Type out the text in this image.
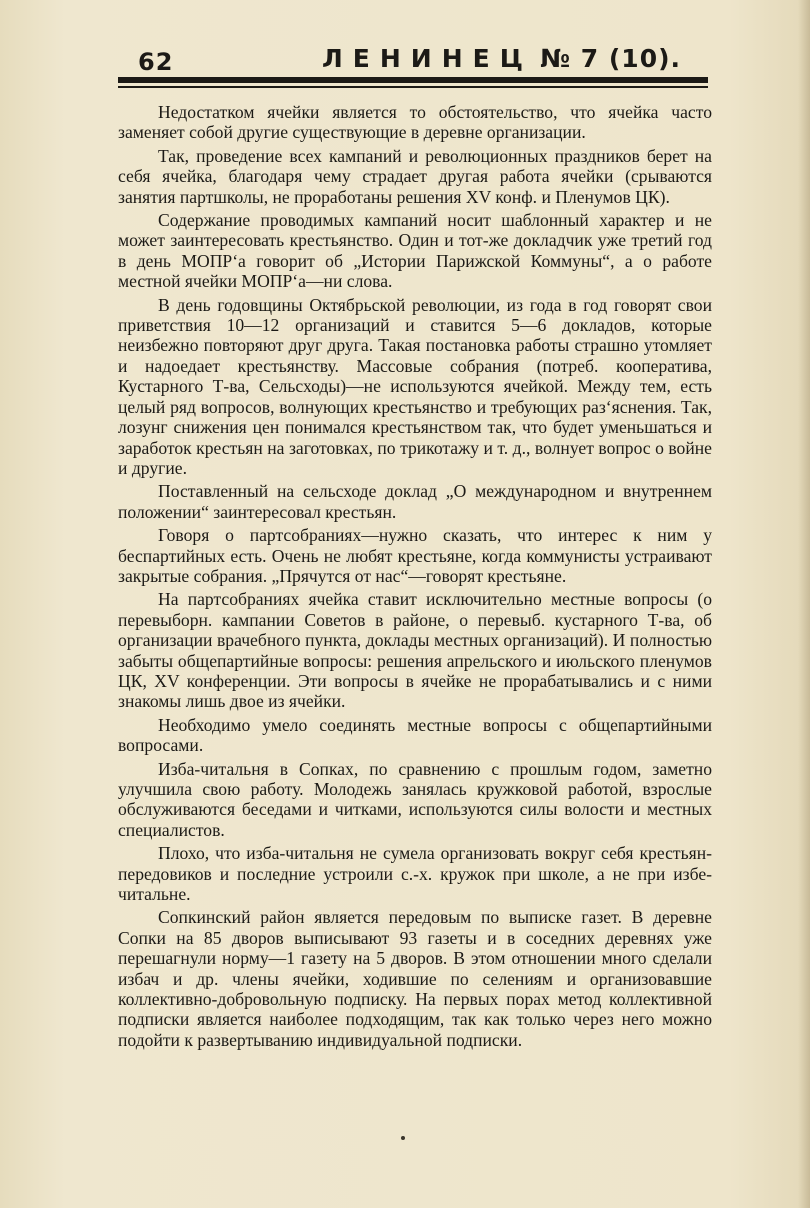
62	ЛЕНИНЕЦ № 7 (10).

Недостатком ячейки является то обстоятельство, что ячейка часто заменяет собой другие существующие в деревне организации.

Так, проведение всех кампаний и революционных праздников берет на себя ячейка, благодаря чему страдает другая работа ячейки (срываются занятия партшколы, не проработаны решения XV конф. и Пленумов ЦК).

Содержание проводимых кампаний носит шаблонный характер и не может заинтересовать крестьянство. Один и тот-же докладчик уже третий год в день МОПР‘а говорит об „Истории Парижской Коммуны“, а о работе местной ячейки МОПР‘а—ни слова.

В день годовщины Октябрьской революции, из года в год говорят свои приветствия 10—12 организаций и ставится 5—6 докладов, которые неизбежно повторяют друг друга. Такая постановка работы страшно утомляет и надоедает крестьянству. Массовые собрания (потреб. кооператива, Кустарного Т-ва, Сельсходы)—не используются ячейкой. Между тем, есть целый ряд вопросов, волнующих крестьянство и требующих раз‘яснения. Так, лозунг снижения цен понимался крестьянством так, что будет уменьшаться и заработок крестьян на заготовках, по трикотажу и т. д., волнует вопрос о войне и другие.

Поставленный на сельсходе доклад „О международном и внутреннем положении“ заинтересовал крестьян.

Говоря о партсобраниях—нужно сказать, что интерес к ним у беспартийных есть. Очень не любят крестьяне, когда коммунисты устраивают закрытые собрания. „Прячутся от нас“—говорят крестьяне.

На партсобраниях ячейка ставит исключительно местные вопросы (о перевыборн. кампании Советов в районе, о перевыб. кустарного Т-ва, об организации врачебного пункта, доклады местных организаций). И полностью забыты общепартийные вопросы: решения апрельского и июльского пленумов ЦК, XV конференции. Эти вопросы в ячейке не прорабатывались и с ними знакомы лишь двое из ячейки.

Необходимо умело соединять местные вопросы с общепартийными вопросами.

Изба-читальня в Сопках, по сравнению с прошлым годом, заметно улучшила свою работу. Молодежь занялась кружковой работой, взрослые обслуживаются беседами и читками, используются силы волости и местных специалистов.

Плохо, что изба-читальня не сумела организовать вокруг себя крестьян-передовиков и последние устроили с.-х. кружок при школе, а не при избе-читальне.

Сопкинский район является передовым по выписке газет. В деревне Сопки на 85 дворов выписывают 93 газеты и в соседних деревнях уже перешагнули норму—1 газету на 5 дворов. В этом отношении много сделали избач и др. члены ячейки, ходившие по селениям и организовавшие коллективно-добровольную подписку. На первых порах метод коллективной подписки является наиболее подходящим, так как только через него можно подойти к развертыванию индивидуальной подписки.
